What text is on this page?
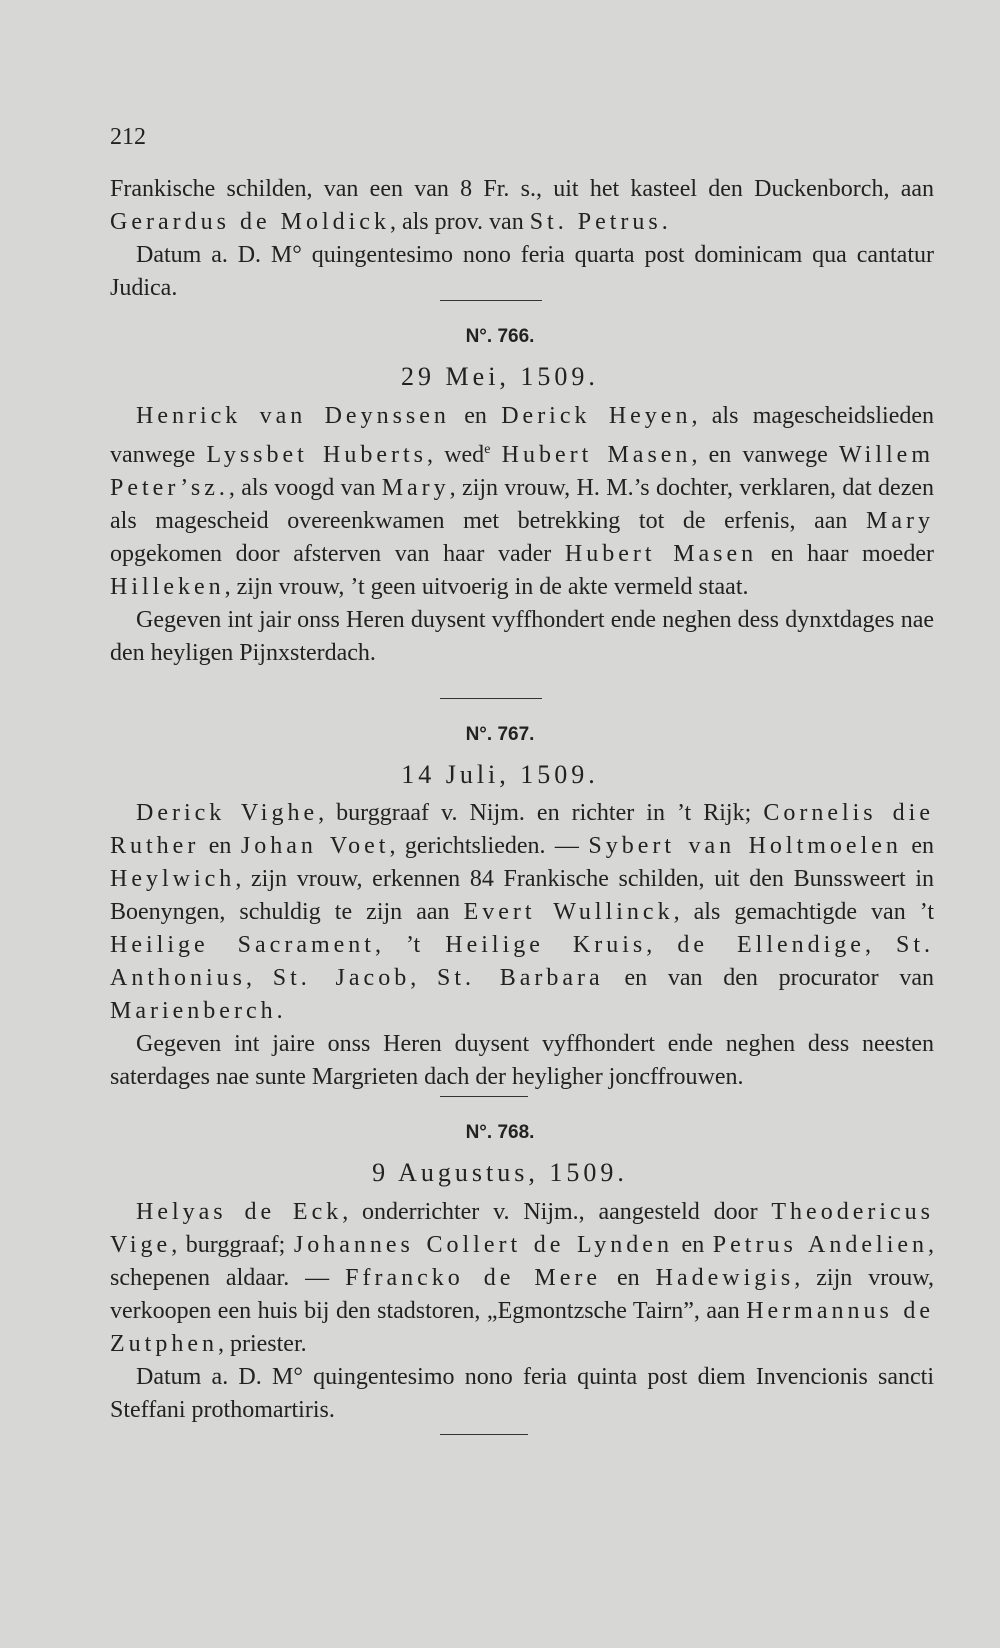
212

Frankische schilden, van een van 8 Fr. s., uit het kasteel den Duckenborch, aan Gerardus de Moldick, als prov. van St. Petrus.

Datum a. D. M° quingentesimo nono feria quarta post dominicam qua cantatur Judica.

N°. 766.
29 Mei, 1509.

Henrick van Deynssen en Derick Heyen, als magescheidslieden vanwege Lyssbet Huberts, wed$^e$ Hubert Masen, en vanwege Willem Peter’sz., als voogd van Mary, zijn vrouw, H. M.’s dochter, verklaren, dat dezen als magescheid overeenkwamen met betrekking tot de erfenis, aan Mary opgekomen door afsterven van haar vader Hubert Masen en haar moeder Hilleken, zijn vrouw, ’t geen uitvoerig in de akte vermeld staat.

Gegeven int jair onss Heren duysent vyffhondert ende neghen dess dynxtdages nae den heyligen Pijnxsterdach.

N°. 767.
14 Juli, 1509.

Derick Vighe, burggraaf v. Nijm. en richter in ’t Rijk; Cornelis die Ruther en Johan Voet, gerichtslieden. — Sybert van Holtmoelen en Heylwich, zijn vrouw, erkennen 84 Frankische schilden, uit den Bunssweert in Boenyngen, schuldig te zijn aan Evert Wullinck, als gemachtigde van ’t Heilige Sacrament, ’t Heilige Kruis, de Ellendige, St. Anthonius, St. Jacob, St. Barbara en van den procurator van Marienberch.

Gegeven int jaire onss Heren duysent vyffhondert ende neghen dess neesten saterdages nae sunte Margrieten dach der heyligher joncffrouwen.

N°. 768.
9 Augustus, 1509.

Helyas de Eck, onderrichter v. Nijm., aangesteld door Theodericus Vige, burggraaf; Johannes Collert de Lynden en Petrus Andelien, schepenen aldaar. — Ffrancko de Mere en Hadewigis, zijn vrouw, verkoopen een huis bij den stadstoren, „Egmontzsche Tairn”, aan Hermannus de Zutphen, priester.

Datum a. D. M° quingentesimo nono feria quinta post diem Invencionis sancti Steffani prothomartiris.
